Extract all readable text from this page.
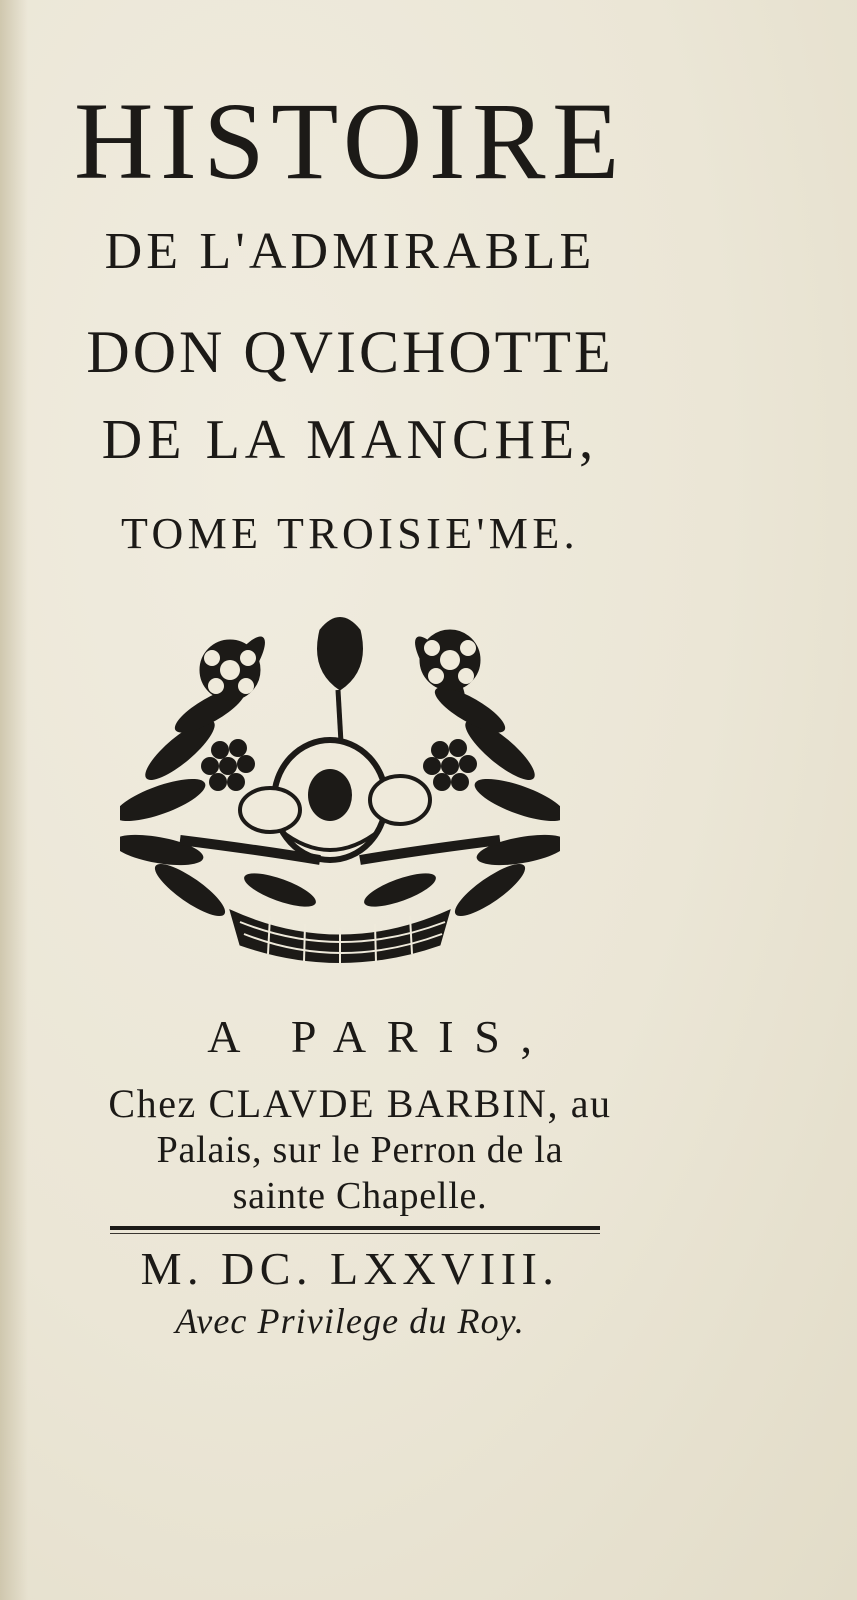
HISTOIRE
DE L'ADMIRABLE
DON QVICHOTTE
DE LA MANCHE,
TOME TROISIE'ME.
A PARIS,
Chez CLAVDE BARBIN, au
Palais, sur le Perron de la
sainte Chapelle.
M. DC. LXXVIII.
Avec Privilege du Roy.
